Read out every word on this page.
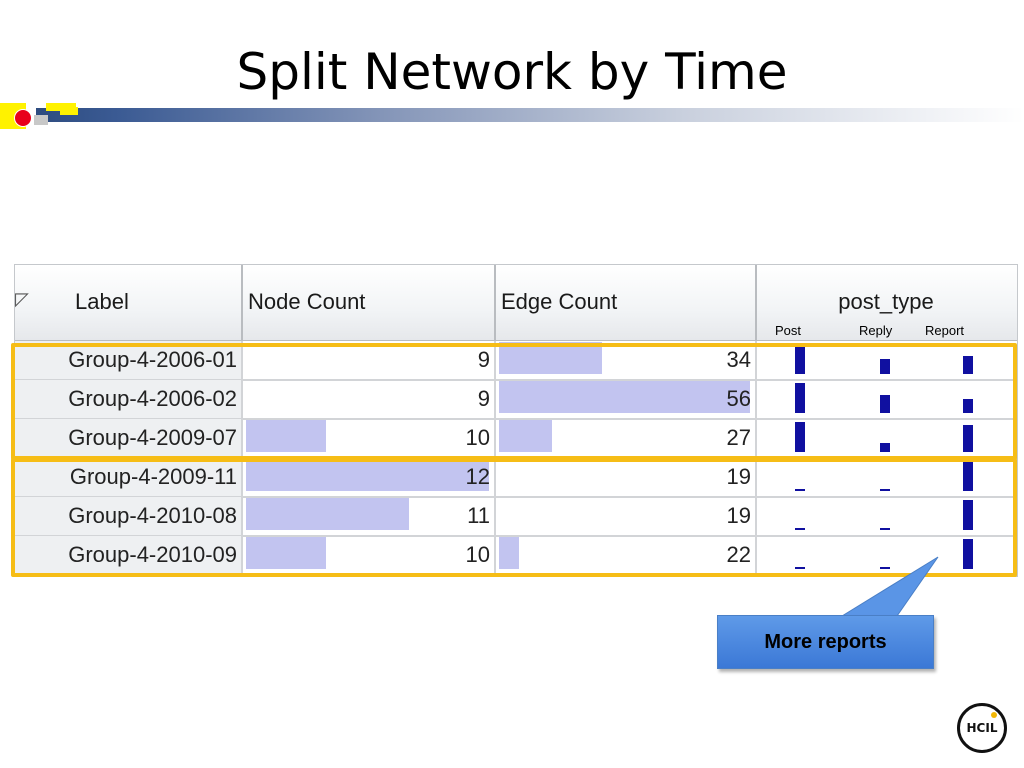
Split Network by Time
◸ Label	Node Count	Edge Count	post_type
Post	Reply	Report
Group-4-2006-01	9	34
Group-4-2006-02	9	56
Group-4-2009-07	10	27
Group-4-2009-11	12	19
Group-4-2010-08	11	19
Group-4-2010-09	10	22
More reports
HCIL
